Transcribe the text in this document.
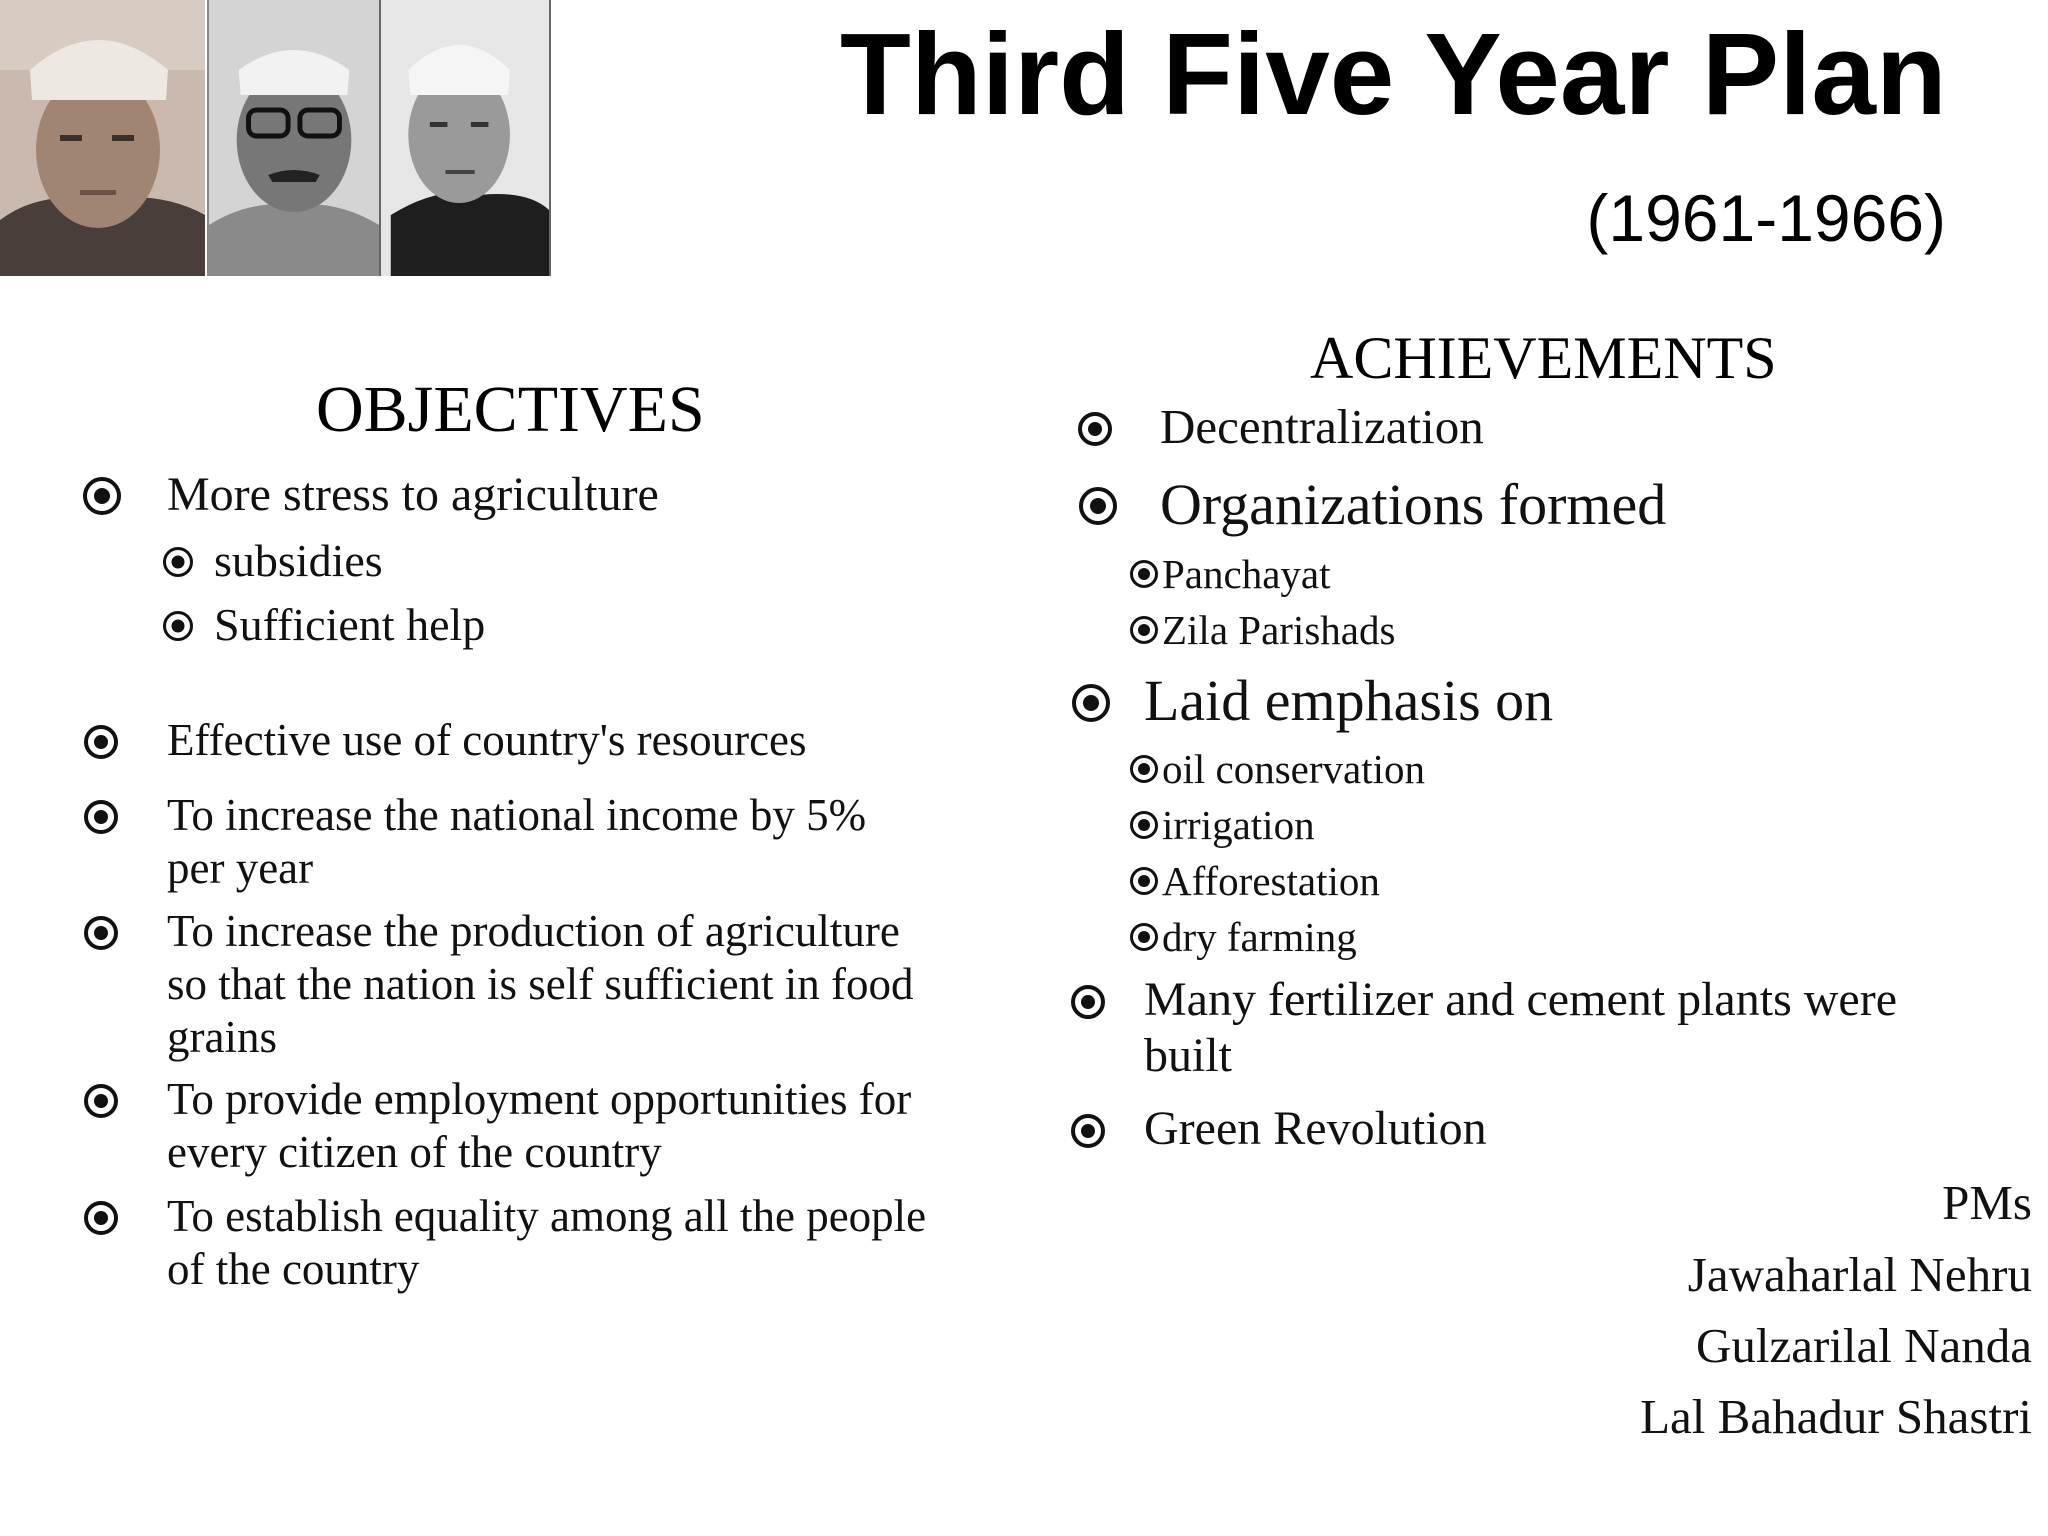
Third Five Year Plan
(1961-1966)
OBJECTIVES
More stress to agriculture
subsidies
Sufficient help
Effective use of country's resources
To increase the national income by 5%
per year
To increase the production of agriculture
so that the nation is self sufficient in food
grains
To provide employment opportunities for
every citizen of the country
To establish equality among all the people
of the country
ACHIEVEMENTS
Decentralization
Organizations formed
Panchayat
Zila Parishads
Laid emphasis on
oil conservation
irrigation
Afforestation
dry farming
Many fertilizer and cement plants were
built
Green Revolution
PMs
Jawaharlal Nehru
Gulzarilal Nanda
Lal Bahadur Shastri
